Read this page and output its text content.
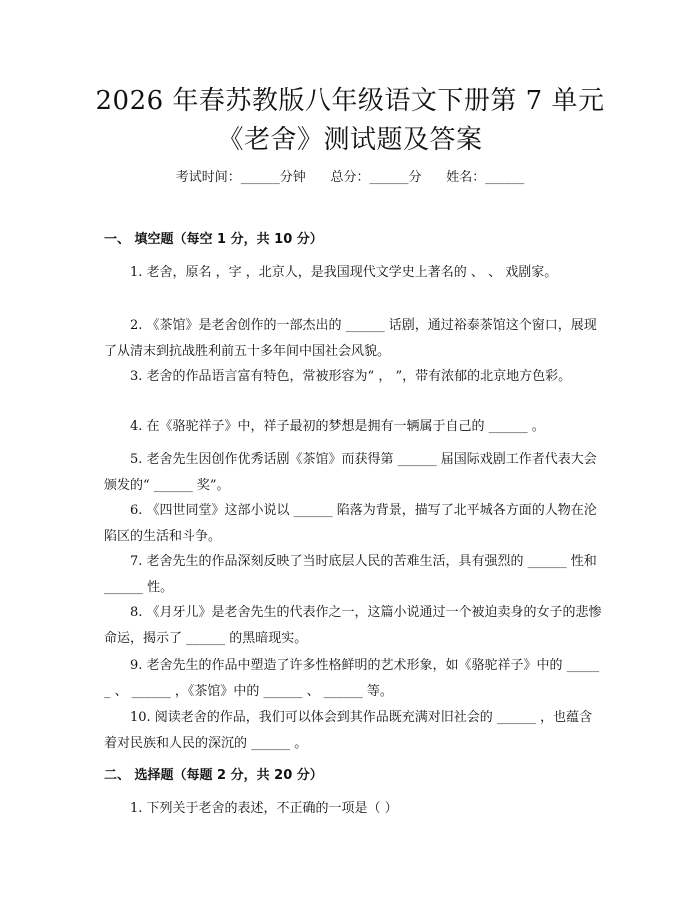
2026 年春苏教版八年级语文下册第 7 单元
《老舍》测试题及答案
考试时间：______分钟      总分：______分      姓名：______
一、 填空题（每空 1 分，共 10 分）
1. 老舍，原名 ，字 ，北京人，是我国现代文学史上著名的 、 、 戏剧家。
2. 《茶馆》是老舍创作的一部杰出的 ______ 话剧，通过裕泰茶馆这个窗口，展现了从清末到抗战胜利前五十多年间中国社会风貌。
3. 老舍的作品语言富有特色，常被形容为“ ， ”，带有浓郁的北京地方色彩。
4. 在《骆驼祥子》中，祥子最初的梦想是拥有一辆属于自己的 ______ 。
5. 老舍先生因创作优秀话剧《茶馆》而获得第 ______ 届国际戏剧工作者代表大会颁发的“ ______ 奖”。
6. 《四世同堂》这部小说以 ______ 陷落为背景，描写了北平城各方面的人物在沦陷区的生活和斗争。
7. 老舍先生的作品深刻反映了当时底层人民的苦难生活，具有强烈的 ______ 性和 ______ 性。
8. 《月牙儿》是老舍先生的代表作之一，这篇小说通过一个被迫卖身的女子的悲惨命运，揭示了 ______ 的黑暗现实。
9. 老舍先生的作品中塑造了许多性格鲜明的艺术形象，如《骆驼祥子》中的 ______ 、 ______ ，《茶馆》中的 ______ 、 ______ 等。
10. 阅读老舍的作品，我们可以体会到其作品既充满对旧社会的 ______ ，也蕴含着对民族和人民的深沉的 ______ 。
二、 选择题（每题 2 分，共 20 分）
1. 下列关于老舍的表述，不正确的一项是（ ）
